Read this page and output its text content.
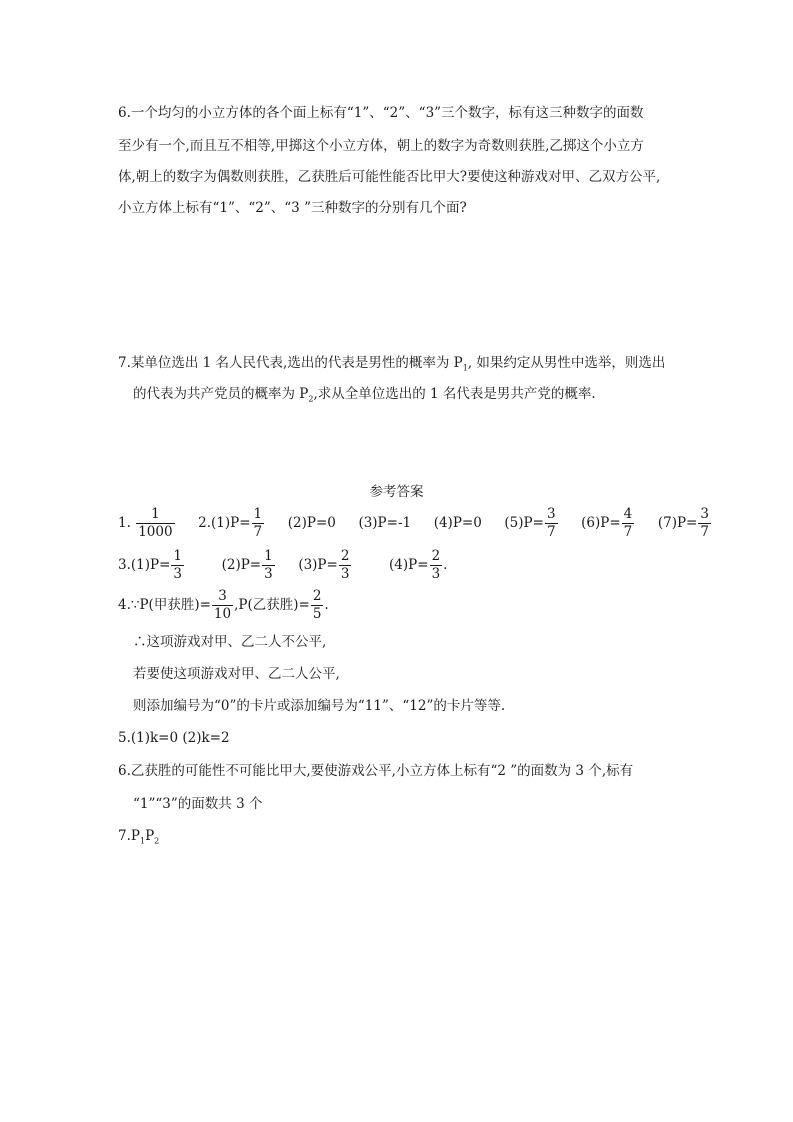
6.一个均匀的小立方体的各个面上标有“1”、“2”、“3”三个数字，标有这三种数字的面数
至少有一个,而且互不相等,甲掷这个小立方体，朝上的数字为奇数则获胜,乙掷这个小立方
体,朝上的数字为偶数则获胜，乙获胜后可能性能否比甲大?要使这种游戏对甲、乙双方公平,
小立方体上标有“1”、“2”、“3 ”三种数字的分别有几个面?
7.某单位选出 1 名人民代表,选出的代表是男性的概率为 $P_1$, 如果约定从男性中选举，则选出
的代表为共产党员的概率为 $P_2$,求从全单位选出的 1 名代表是男共产党的概率.
参考答案
1. $\frac{1}{1000} 2.(1)P= \frac{1}{7} (2)P=0$ (3)P=-1 (4)P=0 $(5)P= \frac{3}{7} (6)P= \frac{4}{7} (7)P= \frac{3}{7}$
$3.(1)P= \frac{1}{3}$	$(2)P= \frac{1}{3} (3)P= \frac{2}{3}$	$(4)P= \frac{2}{3}$ .
4.∵P(甲获胜)= $\frac{3}{10} ,P$(乙获胜)= $\frac{2}{5}$ .
∴这项游戏对甲、乙二人不公平,
若要使这项游戏对甲、乙二人公平,
则添加编号为“0”的卡片或添加编号为“11”、“12”的卡片等等.
5.(1)k=0 (2)k=2
6.乙获胜的可能性不可能比甲大,要使游戏公平,小立方体上标有“2 ”的面数为 3 个,标有
“1”“3”的面数共 3 个
$7.P_1P_2$
